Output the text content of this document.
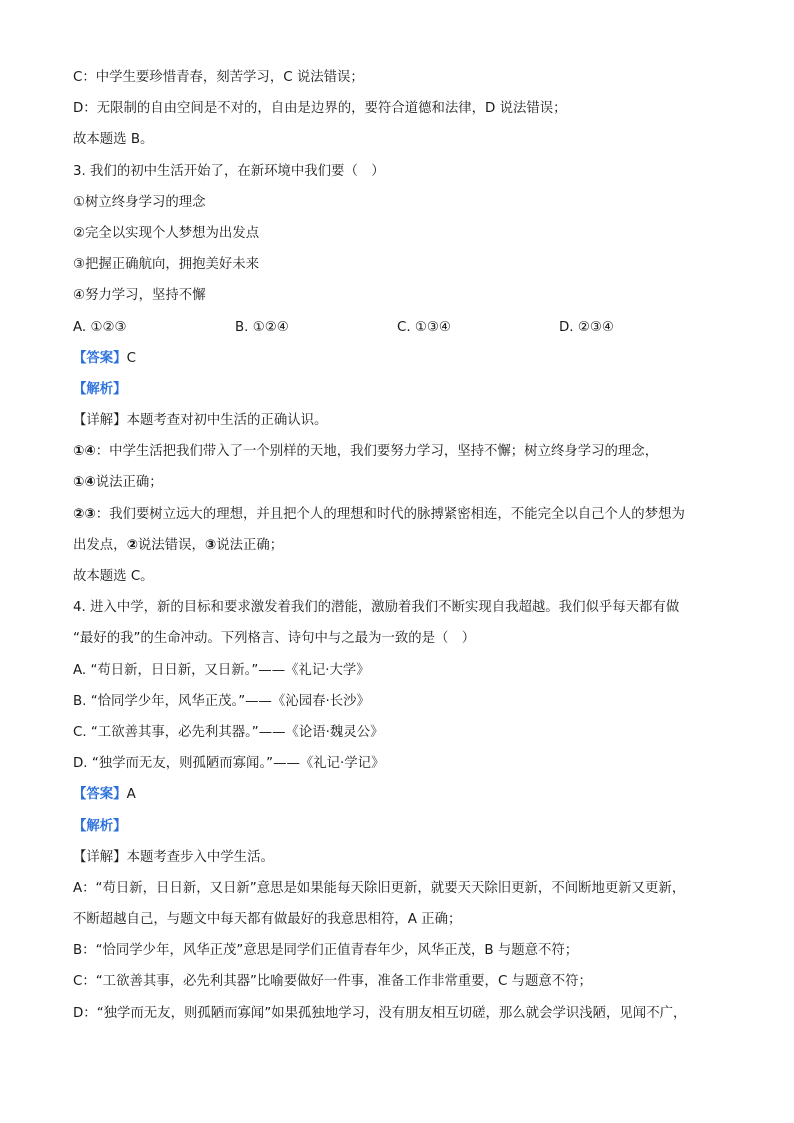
C：中学生要珍惜青春，刻苦学习，C 说法错误；
D：无限制的自由空间是不对的，自由是边界的，要符合道德和法律，D 说法错误；
故本题选 B。
3. 我们的初中生活开始了，在新环境中我们要（　）
①树立终身学习的理念
②完全以实现个人梦想为出发点
③把握正确航向，拥抱美好未来
④努力学习，坚持不懈
A. ①②③	B. ①②④	C. ①③④	D. ②③④
【答案】C
【解析】
【详解】本题考查对初中生活的正确认识。
①④：中学生活把我们带入了一个别样的天地，我们要努力学习，坚持不懈；树立终身学习的理念，
①④说法正确；
②③：我们要树立远大的理想，并且把个人的理想和时代的脉搏紧密相连，不能完全以自己个人的梦想为
出发点，②说法错误，③说法正确；
故本题选 C。
4. 进入中学，新的目标和要求激发着我们的潜能，激励着我们不断实现自我超越。我们似乎每天都有做
“最好的我”的生命冲动。下列格言、诗句中与之最为一致的是（　）
A. “苟日新，日日新，又日新。”——《礼记·大学》
B. “恰同学少年，风华正茂。”——《沁园春·长沙》
C. “工欲善其事，必先利其器。”——《论语·魏灵公》
D. “独学而无友，则孤陋而寡闻。”——《礼记·学记》
【答案】A
【解析】
【详解】本题考查步入中学生活。
A：“苟日新，日日新，又日新”意思是如果能每天除旧更新，就要天天除旧更新，不间断地更新又更新，
不断超越自己，与题文中每天都有做最好的我意思相符，A 正确；
B：“恰同学少年，风华正茂”意思是同学们正值青春年少，风华正茂，B 与题意不符；
C：“工欲善其事，必先利其器”比喻要做好一件事，准备工作非常重要，C 与题意不符；
D：“独学而无友，则孤陋而寡闻”如果孤独地学习，没有朋友相互切磋，那么就会学识浅陋，见闻不广，
